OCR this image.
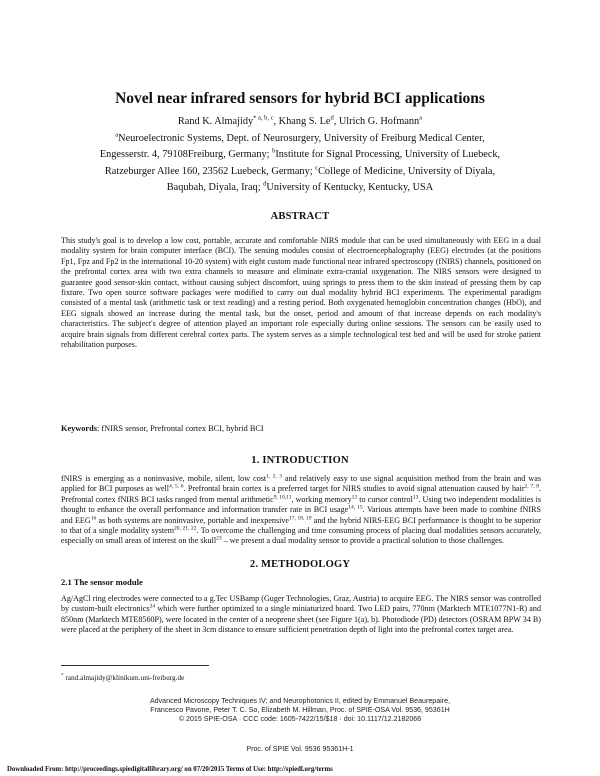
Novel near infrared sensors for hybrid BCI applications
Rand K. Almajidy$^{* a, b, c}$, Khang S. Le$^d$, Ulrich G. Hofmann$^a$
$^a$Neuroelectronic Systems, Dept. of Neurosurgery, University of Freiburg Medical Center, Engesserstr. 4, 79108Freiburg, Germany; $^b$Institute for Signal Processing, University of Luebeck, Ratzeburger Allee 160, 23562 Luebeck, Germany; $^c$College of Medicine, University of Diyala, Baqubah, Diyala, Iraq; $^d$University of Kentucky, Kentucky, USA
ABSTRACT

This study's goal is to develop a low cost, portable, accurate and comfortable NIRS module that can be used simultaneously with EEG in a dual modality system for brain computer interface (BCI). The sensing modules consist of electroencephalography (EEG) electrodes (at the positions Fp1, Fpz and Fp2 in the international 10-20 system) with eight custom made functional near infrared spectroscopy (fNIRS) channels, positioned on the prefrontal cortex area with two extra channels to measure and eliminate extra-cranial oxygenation. The NIRS sensors were designed to guarantee good sensor-skin contact, without causing subject discomfort, using springs to press them to the skin instead of pressing them by cap fixture. Two open source software packages were modified to carry out dual modality hybrid BCI experiments. The experimental paradigm consisted of a mental task (arithmetic task or text reading) and a resting period. Both oxygenated hemoglobin concentration changes (HbO), and EEG signals showed an increase during the mental task, but the onset, period and amount of that increase depends on each modality's characteristics. The subject's degree of attention played an important role especially during online sessions. The sensors can be easily used to acquire brain signals from different cerebral cortex parts. The system serves as a simple technological test bed and will be used for stroke patient rehabilitation purposes.

Keywords: fNIRS sensor, Prefrontal cortex BCI, hybrid BCI
1. INTRODUCTION

fNIRS is emerging as a noninvasive, mobile, silent, low cost$^{1, 2, 3}$ and relatively easy to use signal acquisition method from the brain and was applied for BCI purposes as well$^{4, 5, 6}$. Prefrontal brain cortex is a preferred target for NIRS studies to avoid signal attenuation caused by hair$^{2, 7, 8}$. Prefrontal cortex fNIRS BCI tasks ranged from mental arithmetic$^{9, 10,11}$, working memory$^{12}$ to cursor control$^{13}$. Using two independent modalities is thought to enhance the overall performance and information transfer rate in BCI usage$^{14, 15}$. Various attempts have been made to combine fNIRS and EEG$^{16}$ as both systems are noninvasive, portable and inexpensive$^{17, 18, 19}$ and the hybrid NIRS-EEG BCI performance is thought to be superior to that of a single modality system$^{20, 21, 22}$. To overcome the challenging and time consuming process of placing dual modalities sensors accurately, especially on small areas of interest on the skull$^{23}$ – we present a dual modality sensor to provide a practical solution to those challenges.

2. METHODOLOGY
2.1 The sensor module

Ag/AgCl ring electrodes were connected to a g.Tec USBamp (Guger Technologies, Graz, Austria) to acquire EEG. The NIRS sensor was controlled by custom-built electronics$^{24}$ which were further optimized to a single miniaturized board. Two LED pairs, 770nm (Marktech MTE1077N1-R) and 850nm (Marktech MTE8560P), were located in the center of a neoprene sheet (see Figure 1(a), b). Photodiode (PD) detectors (OSRAM BPW 34 B) were placed at the periphery of the sheet in 3cm distance to ensure sufficient penetration depth of light into the prefrontal cortex target area.

* rand.almajidy@klinikum.uni-freiburg.de
Advanced Microscopy Techniques IV; and Neurophotonics II, edited by Emmanuel Beaurepaire,
Francesco Pavone, Peter T. C. So, Elizabeth M. Hillman, Proc. of SPIE-OSA Vol. 9536, 95361H
© 2015 SPIE-OSA · CCC code: 1605-7422/15/$18 · doi: 10.1117/12.2182066
Proc. of SPIE Vol. 9536 95361H-1
Downloaded From: http://proceedings.spiedigitallibrary.org/ on 07/20/2015 Terms of Use: http://spiedl.org/terms
